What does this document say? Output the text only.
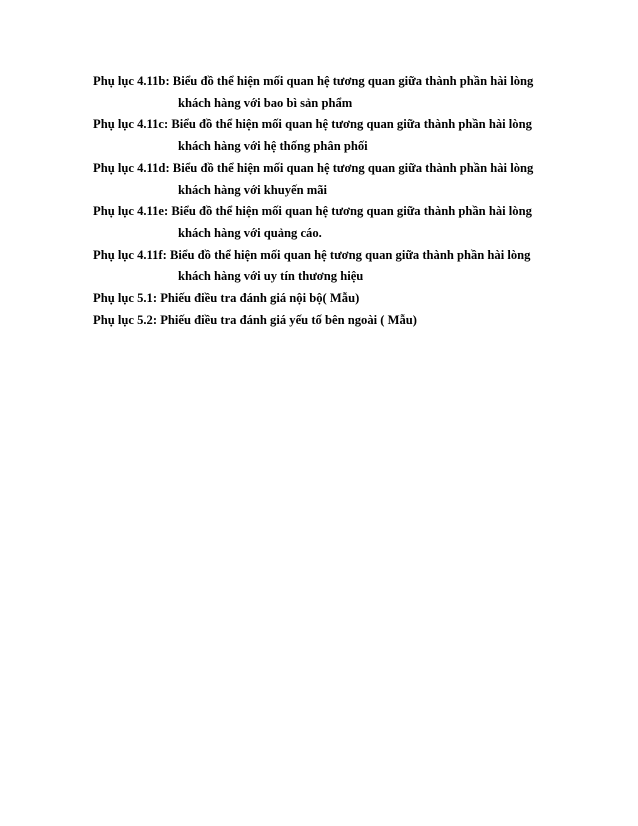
Phụ lục 4.11b: Biểu đồ thể hiện mối quan hệ tương quan giữa thành phần hài lòng
khách hàng với bao bì sản phẩm
Phụ lục 4.11c: Biểu đồ thể hiện mối quan hệ tương quan giữa thành phần hài lòng
khách hàng với hệ thống phân phối
Phụ lục 4.11d: Biểu đồ thể hiện mối quan hệ tương quan giữa thành phần hài lòng
khách hàng với khuyến mãi
Phụ lục 4.11e: Biểu đồ thể hiện mối quan hệ tương quan giữa thành phần hài lòng
khách hàng với quảng cáo.
Phụ lục 4.11f: Biểu đồ thể hiện mối quan hệ tương quan giữa thành phần hài lòng
khách hàng với uy tín thương hiệu
Phụ lục 5.1: Phiếu điều tra đánh giá nội bộ( Mẫu)
Phụ lục 5.2: Phiếu điều tra đánh giá yếu tố bên ngoài ( Mẫu)
